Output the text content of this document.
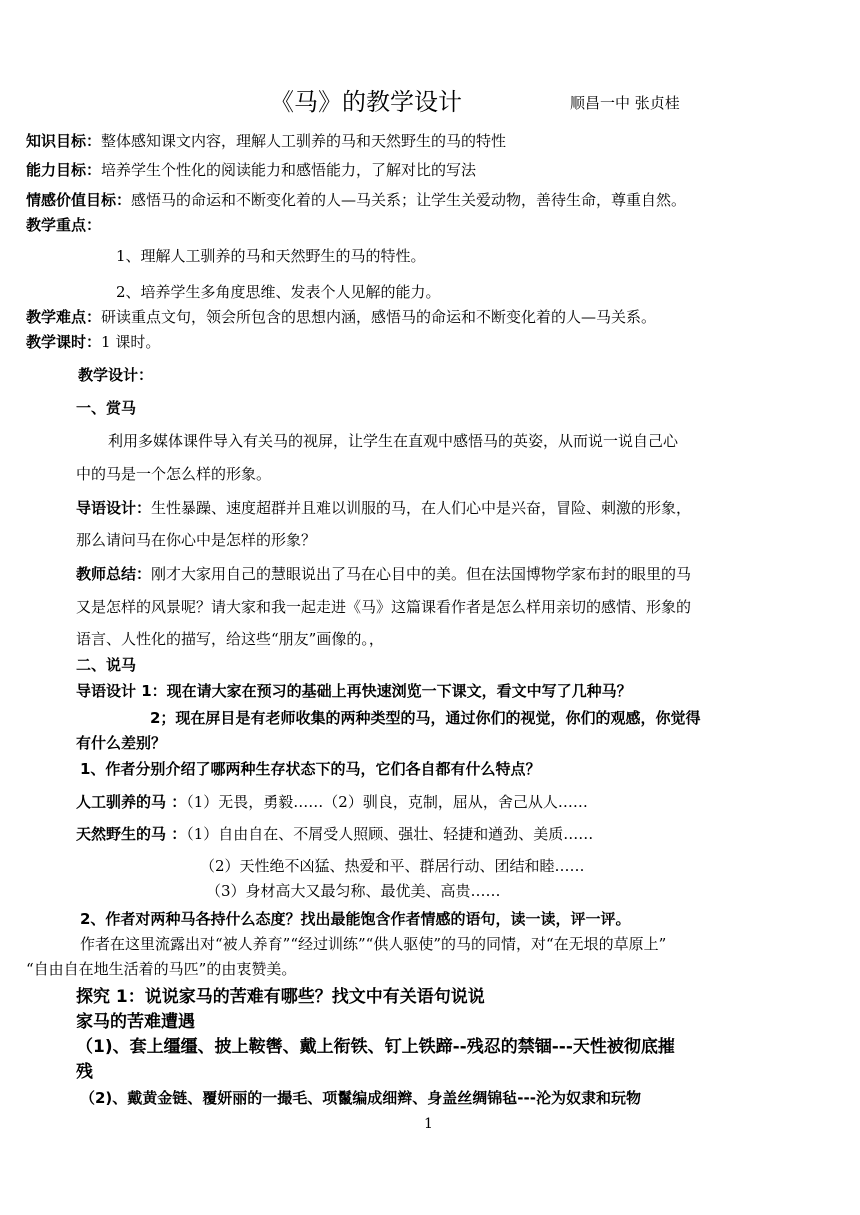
《马》的教学设计	顺昌一中 张贞桂
知识目标：整体感知课文内容，理解人工驯养的马和天然野生的马的特性
能力目标：培养学生个性化的阅读能力和感悟能力，了解对比的写法
情感价值目标：感悟马的命运和不断变化着的人—马关系；让学生关爱动物，善待生命，尊重自然。
教学重点：
1、理解人工驯养的马和天然野生的马的特性。
2、培养学生多角度思维、发表个人见解的能力。
教学难点：研读重点文句，领会所包含的思想内涵，感悟马的命运和不断变化着的人—马关系。
教学课时：1 课时。
教学设计：
一、赏马
利用多媒体课件导入有关马的视屏，让学生在直观中感悟马的英姿，从而说一说自己心
中的马是一个怎么样的形象。
导语设计：生性暴躁、速度超群并且难以训服的马，在人们心中是兴奋，冒险、刺激的形象，
那么请问马在你心中是怎样的形象？
教师总结：刚才大家用自己的慧眼说出了马在心目中的美。但在法国博物学家布封的眼里的马
又是怎样的风景呢？请大家和我一起走进《马》这篇课看作者是怎么样用亲切的感情、形象的
语言、人性化的描写，给这些“朋友”画像的。，
二、说马
导语设计 1：现在请大家在预习的基础上再快速浏览一下课文，看文中写了几种马？
2；现在屏目是有老师收集的两种类型的马，通过你们的视觉，你们的观感，你觉得
有什么差别？
1、作者分别介绍了哪两种生存状态下的马，它们各自都有什么特点？
人工驯养的马 ：（1）无畏，勇毅……（2）驯良，克制，屈从，舍己从人……
天然野生的马 ：（1）自由自在、不屑受人照顾、强壮、轻捷和遒劲、美质……
（2）天性绝不凶猛、热爱和平、群居行动、团结和睦……
（3）身材高大又最匀称、最优美、高贵……
2、作者对两种马各持什么态度？找出最能饱含作者情感的语句，读一读，评一评。
作者在这里流露出对“被人养育”“经过训练”“供人驱使”的马的同情，对“在无垠的草原上”
“自由自在地生活着的马匹”的由衷赞美。
探究 1：说说家马的苦难有哪些？找文中有关语句说说
家马的苦难遭遇
（1)、套上缰缰、披上鞍辔、戴上衔铁、钉上铁蹄--残忍的禁锢---天性被彻底摧
残
（2)、戴黄金链、覆妍丽的一撮毛、项鬣编成细辫、身盖丝绸锦毡---沦为奴隶和玩物
1
